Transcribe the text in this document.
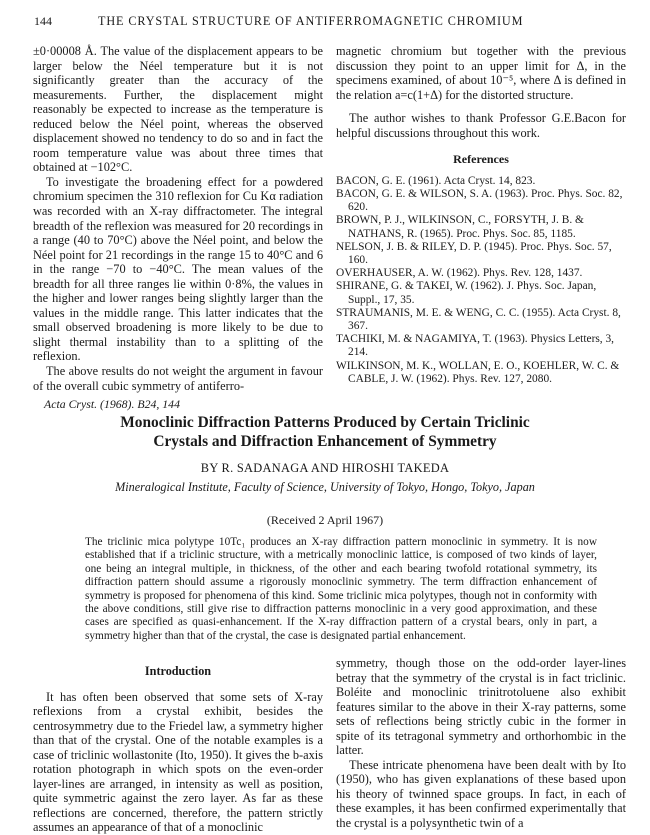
144	THE CRYSTAL STRUCTURE OF ANTIFERROMAGNETIC CHROMIUM

±0·00008 Å. The value of the displacement appears to be larger below the Néel temperature but it is not significantly greater than the accuracy of the measurements. Further, the displacement might reasonably be expected to increase as the temperature is reduced below the Néel point, whereas the observed displacement showed no tendency to do so and in fact the room temperature value was about three times that obtained at −102°C.

To investigate the broadening effect for a powdered chromium specimen the 310 reflexion for Cu Kα radiation was recorded with an X-ray diffractometer. The integral breadth of the reflexion was measured for 20 recordings in a range (40 to 70°C) above the Néel point, and below the Néel point for 21 recordings in the range 15 to 40°C and 6 in the range −70 to −40°C. The mean values of the breadth for all three ranges lie within 0·8%, the values in the higher and lower ranges being slightly larger than the values in the middle range. This latter indicates that the small observed broadening is more likely to be due to slight thermal instability than to a splitting of the reflexion.

The above results do not weight the argument in favour of the overall cubic symmetry of antiferro-

magnetic chromium but together with the previous discussion they point to an upper limit for Δ, in the specimens examined, of about 10⁻⁵, where Δ is defined in the relation a=c(1+Δ) for the distorted structure.

The author wishes to thank Professor G.E.Bacon for helpful discussions throughout this work.

References
BACON, G. E. (1961). Acta Cryst. 14, 823.
BACON, G. E. & WILSON, S. A. (1963). Proc. Phys. Soc. 82, 620.
BROWN, P. J., WILKINSON, C., FORSYTH, J. B. & NATHANS, R. (1965). Proc. Phys. Soc. 85, 1185.
NELSON, J. B. & RILEY, D. P. (1945). Proc. Phys. Soc. 57, 160.
OVERHAUSER, A. W. (1962). Phys. Rev. 128, 1437.
SHIRANE, G. & TAKEI, W. (1962). J. Phys. Soc. Japan, Suppl., 17, 35.
STRAUMANIS, M. E. & WENG, C. C. (1955). Acta Cryst. 8, 367.
TACHIKI, M. & NAGAMIYA, T. (1963). Physics Letters, 3, 214.
WILKINSON, M. K., WOLLAN, E. O., KOEHLER, W. C. & CABLE, J. W. (1962). Phys. Rev. 127, 2080.
Acta Cryst. (1968). B24, 144
Monoclinic Diffraction Patterns Produced by Certain Triclinic
Crystals and Diffraction Enhancement of Symmetry
BY R. SADANAGA AND HIROSHI TAKEDA
Mineralogical Institute, Faculty of Science, University of Tokyo, Hongo, Tokyo, Japan
(Received 2 April 1967)
The triclinic mica polytype 10Tc₁ produces an X-ray diffraction pattern monoclinic in symmetry. It is now established that if a triclinic structure, with a metrically monoclinic lattice, is composed of two kinds of layer, one being an integral multiple, in thickness, of the other and each bearing twofold rotational symmetry, its diffraction pattern should assume a rigorously monoclinic symmetry. The term diffraction enhancement of symmetry is proposed for phenomena of this kind. Some triclinic mica polytypes, though not in conformity with the above conditions, still give rise to diffraction patterns monoclinic in a very good approximation, and these cases are specified as quasi-enhancement. If the X-ray diffraction pattern of a crystal bears, only in part, a symmetry higher than that of the crystal, the case is designated partial enhancement.
Introduction

It has often been observed that some sets of X-ray reflexions from a crystal exhibit, besides the centrosymmetry due to the Friedel law, a symmetry higher than that of the crystal. One of the notable examples is a case of triclinic wollastonite (Ito, 1950). It gives the b-axis rotation photograph in which spots on the even-order layer-lines are arranged, in intensity as well as position, quite symmetric against the zero layer. As far as these reflections are concerned, therefore, the pattern strictly assumes an appearance of that of a monoclinic

symmetry, though those on the odd-order layer-lines betray that the symmetry of the crystal is in fact triclinic. Boléite and monoclinic trinitrotoluene also exhibit features similar to the above in their X-ray patterns, some sets of reflections being strictly cubic in the former in spite of its tetragonal symmetry and orthorhombic in the latter.

These intricate phenomena have been dealt with by Ito (1950), who has given explanations of these based upon his theory of twinned space groups. In fact, in each of these examples, it has been confirmed experimentally that the crystal is a polysynthetic twin of a
